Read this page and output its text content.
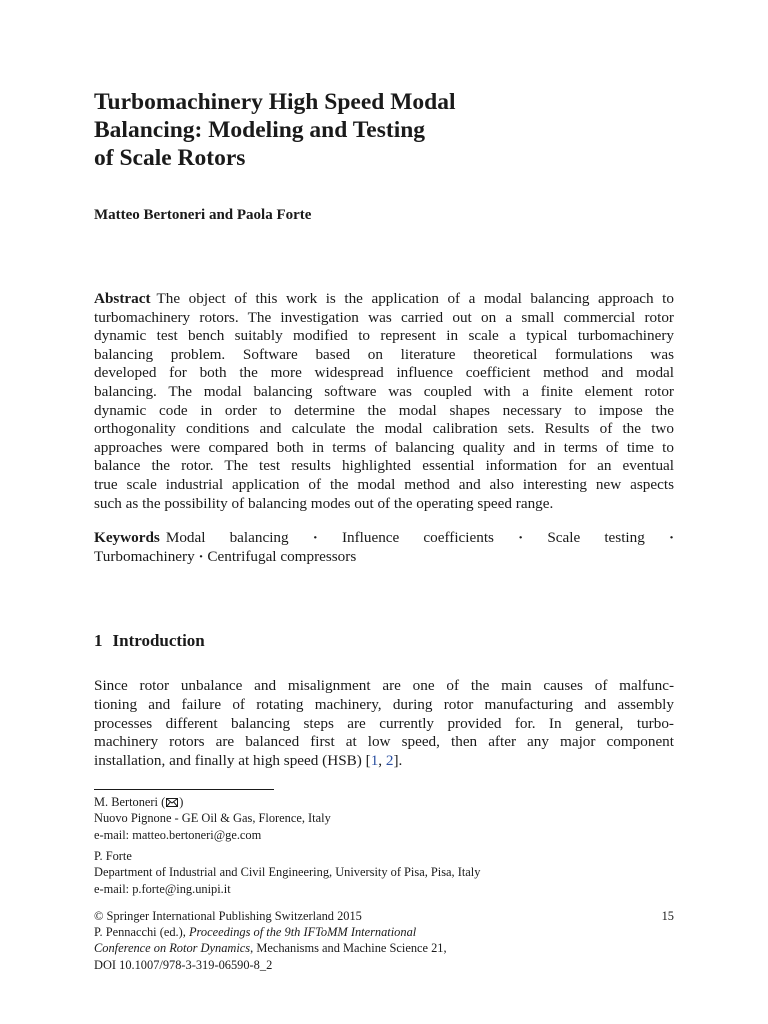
Turbomachinery High Speed Modal
Balancing: Modeling and Testing
of Scale Rotors
Matteo Bertoneri and Paola Forte
Abstract The object of this work is the application of a modal balancing approach to
turbomachinery rotors. The investigation was carried out on a small commercial rotor
dynamic test bench suitably modified to represent in scale a typical turbomachinery
balancing problem. Software based on literature theoretical formulations was
developed for both the more widespread influence coefficient method and modal
balancing. The modal balancing software was coupled with a finite element rotor
dynamic code in order to determine the modal shapes necessary to impose the
orthogonality conditions and calculate the modal calibration sets. Results of the two
approaches were compared both in terms of balancing quality and in terms of time to
balance the rotor. The test results highlighted essential information for an eventual
true scale industrial application of the modal method and also interesting new aspects
such as the possibility of balancing modes out of the operating speed range.
Keywords Modal balancing · Influence coefficients · Scale testing ·
Turbomachinery · Centrifugal compressors
1 Introduction
Since rotor unbalance and misalignment are one of the main causes of malfunc-
tioning and failure of rotating machinery, during rotor manufacturing and assembly
processes different balancing steps are currently provided for. In general, turbo-
machinery rotors are balanced first at low speed, then after any major component
installation, and finally at high speed (HSB) [1, 2].
M. Bertoneri ( )
Nuovo Pignone - GE Oil & Gas, Florence, Italy
e-mail: matteo.bertoneri@ge.com
P. Forte
Department of Industrial and Civil Engineering, University of Pisa, Pisa, Italy
e-mail: p.forte@ing.unipi.it
© Springer International Publishing Switzerland 2015	15
P. Pennacchi (ed.), Proceedings of the 9th IFToMM International
Conference on Rotor Dynamics, Mechanisms and Machine Science 21,
DOI 10.1007/978-3-319-06590-8_2
